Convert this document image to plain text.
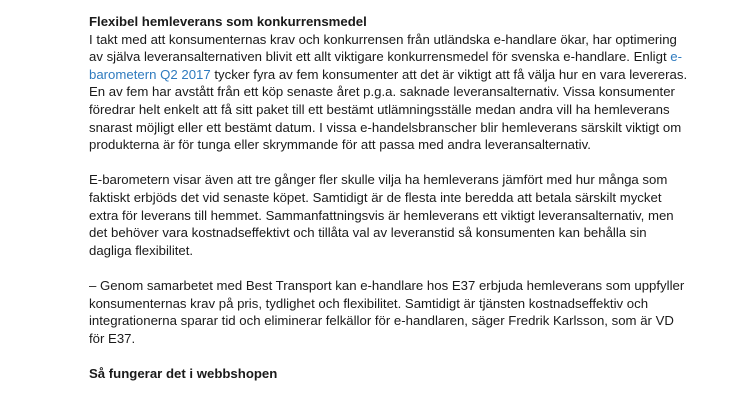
Flexibel hemleverans som konkurrensmedel

I takt med att konsumenternas krav och konkurrensen från utländska e-handlare ökar, har optimering av själva leveransalternativen blivit ett allt viktigare konkurrensmedel för svenska e-handlare. Enligt e-barometern Q2 2017 tycker fyra av fem konsumenter att det är viktigt att få välja hur en vara levereras. En av fem har avstått från ett köp senaste året p.g.a. saknade leveransalternativ. Vissa konsumenter föredrar helt enkelt att få sitt paket till ett bestämt utlämningsställe medan andra vill ha hemleverans snarast möjligt eller ett bestämt datum. I vissa e-handelsbranscher blir hemleverans särskilt viktigt om produkterna är för tunga eller skrymmande för att passa med andra leveransalternativ.

E-barometern visar även att tre gånger fler skulle vilja ha hemleverans jämfört med hur många som faktiskt erbjöds det vid senaste köpet. Samtidigt är de flesta inte beredda att betala särskilt mycket extra för leverans till hemmet. Sammanfattningsvis är hemleverans ett viktigt leveransalternativ, men det behöver vara kostnadseffektivt och tillåta val av leveranstid så konsumenten kan behålla sin dagliga flexibilitet.

– Genom samarbetet med Best Transport kan e-handlare hos E37 erbjuda hemleverans som uppfyller konsumenternas krav på pris, tydlighet och flexibilitet. Samtidigt är tjänsten kostnadseffektiv och integrationerna sparar tid och eliminerar felkällor för e-handlaren, säger Fredrik Karlsson, som är VD för E37.

Så fungerar det i webbshopen
